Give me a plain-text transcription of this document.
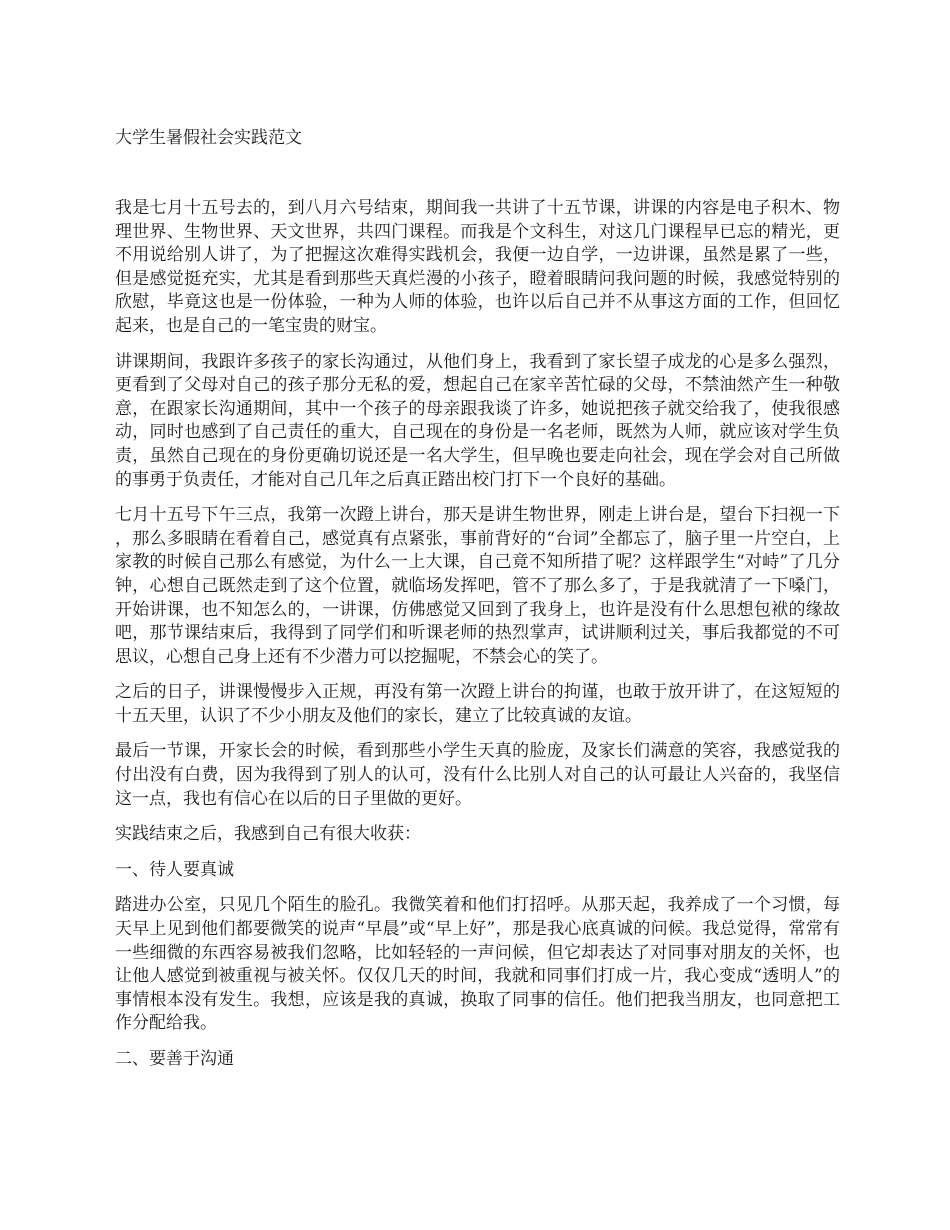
大学生暑假社会实践范文

我是七月十五号去的，到八月六号结束，期间我一共讲了十五节课，讲课的内容是电子积木、物理世界、生物世界、天文世界，共四门课程。而我是个文科生，对这几门课程早已忘的精光，更不用说给别人讲了，为了把握这次难得实践机会，我便一边自学，一边讲课，虽然是累了一些，但是感觉挺充实，尤其是看到那些天真烂漫的小孩子，瞪着眼睛问我问题的时候，我感觉特别的欣慰，毕竟这也是一份体验，一种为人师的体验，也许以后自己并不从事这方面的工作，但回忆起来，也是自己的一笔宝贵的财宝。

讲课期间，我跟许多孩子的家长沟通过，从他们身上，我看到了家长望子成龙的心是多么强烈，更看到了父母对自己的孩子那分无私的爱，想起自己在家辛苦忙碌的父母，不禁油然产生一种敬意，在跟家长沟通期间，其中一个孩子的母亲跟我谈了许多，她说把孩子就交给我了，使我很感动，同时也感到了自己责任的重大，自己现在的身份是一名老师，既然为人师，就应该对学生负责，虽然自己现在的身份更确切说还是一名大学生，但早晚也要走向社会，现在学会对自己所做的事勇于负责任，才能对自己几年之后真正踏出校门打下一个良好的基础。

七月十五号下午三点，我第一次蹬上讲台，那天是讲生物世界，刚走上讲台是，望台下扫视一下，那么多眼睛在看着自己，感觉真有点紧张，事前背好的“台词”全都忘了，脑子里一片空白，上家教的时候自己那么有感觉，为什么一上大课，自己竟不知所措了呢？这样跟学生“对峙”了几分钟，心想自己既然走到了这个位置，就临场发挥吧，管不了那么多了，于是我就清了一下嗓门，开始讲课，也不知怎么的，一讲课，仿佛感觉又回到了我身上，也许是没有什么思想包袱的缘故吧，那节课结束后，我得到了同学们和听课老师的热烈掌声，试讲顺利过关，事后我都觉的不可思议，心想自己身上还有不少潜力可以挖掘呢，不禁会心的笑了。

之后的日子，讲课慢慢步入正规，再没有第一次蹬上讲台的拘谨，也敢于放开讲了，在这短短的十五天里，认识了不少小朋友及他们的家长，建立了比较真诚的友谊。

最后一节课，开家长会的时候，看到那些小学生天真的脸庞，及家长们满意的笑容，我感觉我的付出没有白费，因为我得到了别人的认可，没有什么比别人对自己的认可最让人兴奋的，我坚信这一点，我也有信心在以后的日子里做的更好。

实践结束之后，我感到自己有很大收获：

一、待人要真诚

踏进办公室，只见几个陌生的脸孔。我微笑着和他们打招呼。从那天起，我养成了一个习惯，每天早上见到他们都要微笑的说声“早晨”或“早上好”，那是我心底真诚的问候。我总觉得，常常有一些细微的东西容易被我们忽略，比如轻轻的一声问候，但它却表达了对同事对朋友的关怀，也让他人感觉到被重视与被关怀。仅仅几天的时间，我就和同事们打成一片，我心变成“透明人”的事情根本没有发生。我想，应该是我的真诚，换取了同事的信任。他们把我当朋友，也同意把工作分配给我。

二、要善于沟通
